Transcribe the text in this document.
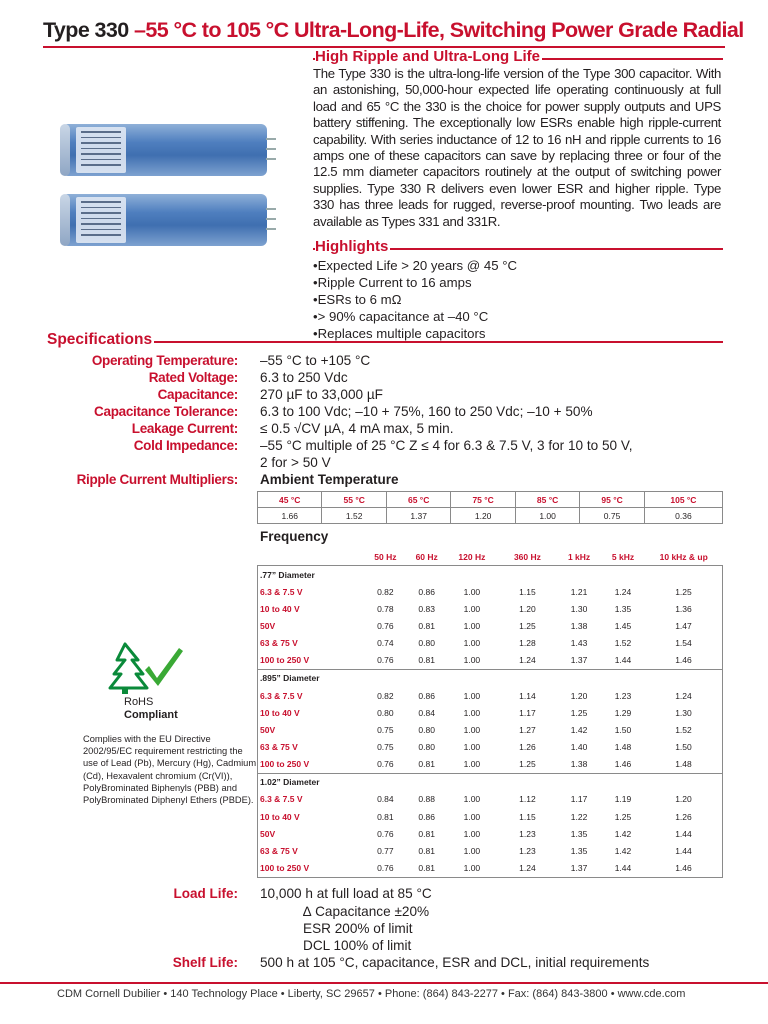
Type 330 –55 °C to 105 °C Ultra-Long-Life, Switching Power Grade Radial
High Ripple and Ultra-Long Life
The Type 330 is the ultra-long-life version of the Type 300 capacitor. With an astonishing, 50,000-hour expected life operating continuously at full load and 65 °C the 330 is the choice for power supply outputs and UPS battery stiffening. The exceptionally low ESRs enable high ripple-current capability. With series inductance of 12 to 16 nH and ripple currents to 16 amps one of these capacitors can save by replacing three or four of the 12.5 mm diameter capacitors routinely at the output of switching power supplies. Type 330 R delivers even lower ESR and higher ripple. Type 330 has three leads for rugged, reverse-proof mounting. Two leads are available as Types 331 and 331R.
Highlights
• Expected Life > 20 years @ 45 °C
• Ripple Current to 16 amps
• ESRs to 6 mΩ
• > 90% capacitance at –40 °C
• Replaces multiple capacitors
Specifications
Operating Temperature: –55 °C to +105 °C
Rated Voltage: 6.3 to 250 Vdc
Capacitance: 270 µF to 33,000 µF
Capacitance Tolerance: 6.3 to 100 Vdc; –10 + 75%, 160 to 250 Vdc; –10 + 50%
Leakage Current: ≤ 0.5 √CV µA, 4 mA max, 5 min.
Cold Impedance: –55 °C multiple of 25 °C Z ≤ 4 for 6.3 & 7.5 V, 3 for 10 to 50 V,
2 for > 50 V
Ripple Current Multipliers: Ambient Temperature
45 °C	55 °C	65 °C	75 °C	85 °C	95 °C	105 °C
1.66	1.52	1.37	1.20	1.00	0.75	0.36
Frequency
	50 Hz	60 Hz	120 Hz	360 Hz	1 kHz	5 kHz	10 kHz & up
.77” Diameter							
6.3 & 7.5 V	0.82	0.86	1.00	1.15	1.21	1.24	1.25
10 to 40 V	0.78	0.83	1.00	1.20	1.30	1.35	1.36
50V	0.76	0.81	1.00	1.25	1.38	1.45	1.47
63 & 75 V	0.74	0.80	1.00	1.28	1.43	1.52	1.54
100 to 250 V	0.76	0.81	1.00	1.24	1.37	1.44	1.46
.895” Diameter							
6.3 & 7.5 V	0.82	0.86	1.00	1.14	1.20	1.23	1.24
10 to 40 V	0.80	0.84	1.00	1.17	1.25	1.29	1.30
50V	0.75	0.80	1.00	1.27	1.42	1.50	1.52
63 & 75 V	0.75	0.80	1.00	1.26	1.40	1.48	1.50
100 to 250 V	0.76	0.81	1.00	1.25	1.38	1.46	1.48
1.02” Diameter							
6.3 & 7.5 V	0.84	0.88	1.00	1.12	1.17	1.19	1.20
10 to 40 V	0.81	0.86	1.00	1.15	1.22	1.25	1.26
50V	0.76	0.81	1.00	1.23	1.35	1.42	1.44
63 & 75 V	0.77	0.81	1.00	1.23	1.35	1.42	1.44
100 to 250 V	0.76	0.81	1.00	1.24	1.37	1.44	1.46
RoHS
Compliant
Complies with the EU Directive 2002/95/EC requirement restricting the use of Lead (Pb), Mercury (Hg), Cadmium (Cd), Hexavalent chromium (Cr(VI)), PolyBrominated Biphenyls (PBB) and PolyBrominated Diphenyl Ethers (PBDE).
Load Life: 10,000 h at full load at 85 °C
∆ Capacitance ±20%
ESR 200% of limit
DCL 100% of limit
Shelf Life: 500 h at 105 °C, capacitance, ESR and DCL, initial requirements
CDM Cornell Dubilier • 140 Technology Place • Liberty, SC 29657 • Phone: (864) 843-2277 • Fax: (864) 843-3800 • www.cde.com
